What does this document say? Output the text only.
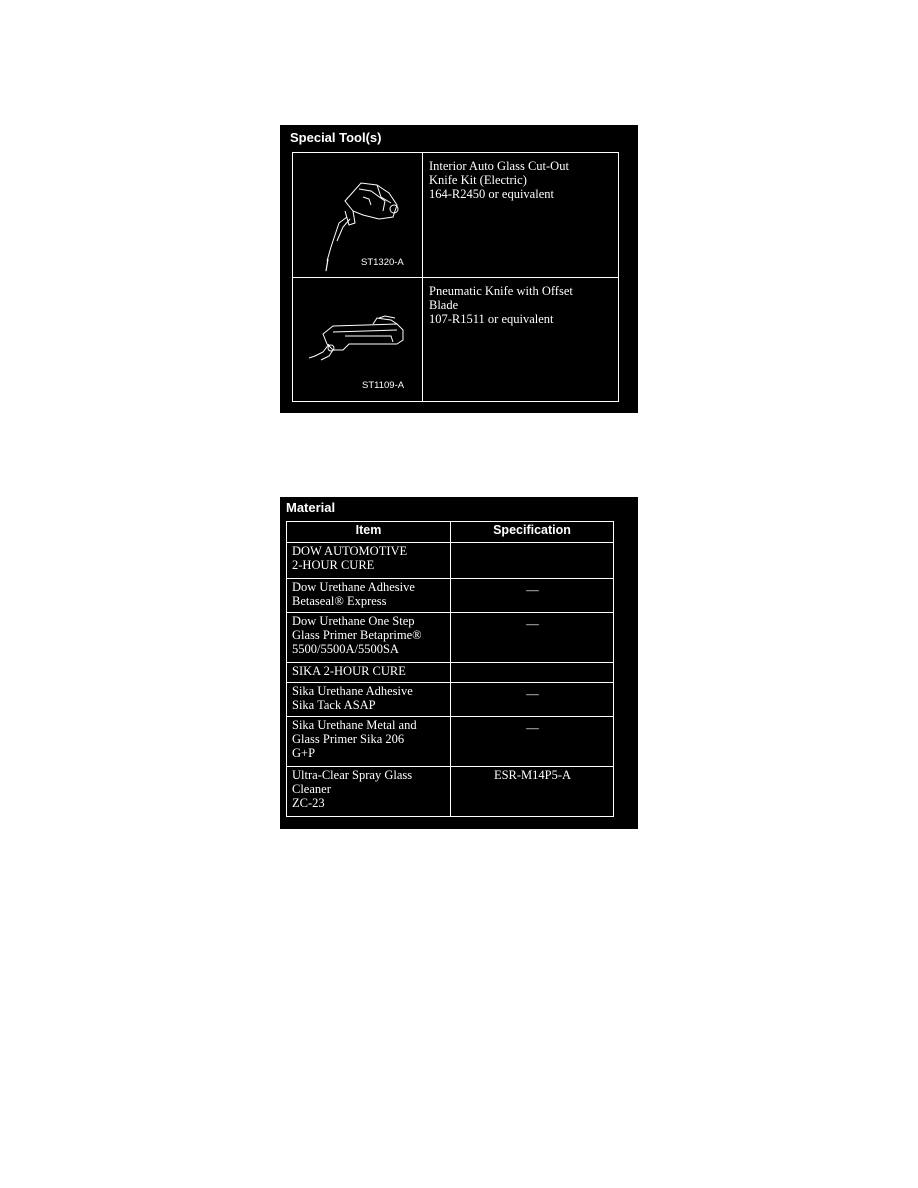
Special Tool(s)
ST1320-A
Interior Auto Glass Cut-Out
Knife Kit (Electric)
164-R2450 or equivalent
ST1109-A
Pneumatic Knife with Offset
Blade
107-R1511 or equivalent
Material
Item	Specification

DOW AUTOMOTIVE
2-HOUR CURE	

Dow Urethane Adhesive
Betaseal® Express	—

Dow Urethane One Step
Glass Primer Betaprime®
5500/5500A/5500SA	—

SIKA 2-HOUR CURE	

Sika Urethane Adhesive
Sika Tack ASAP	—

Sika Urethane Metal and
Glass Primer Sika 206
G+P	—

Ultra-Clear Spray Glass
Cleaner
ZC-23	ESR-M14P5-A
